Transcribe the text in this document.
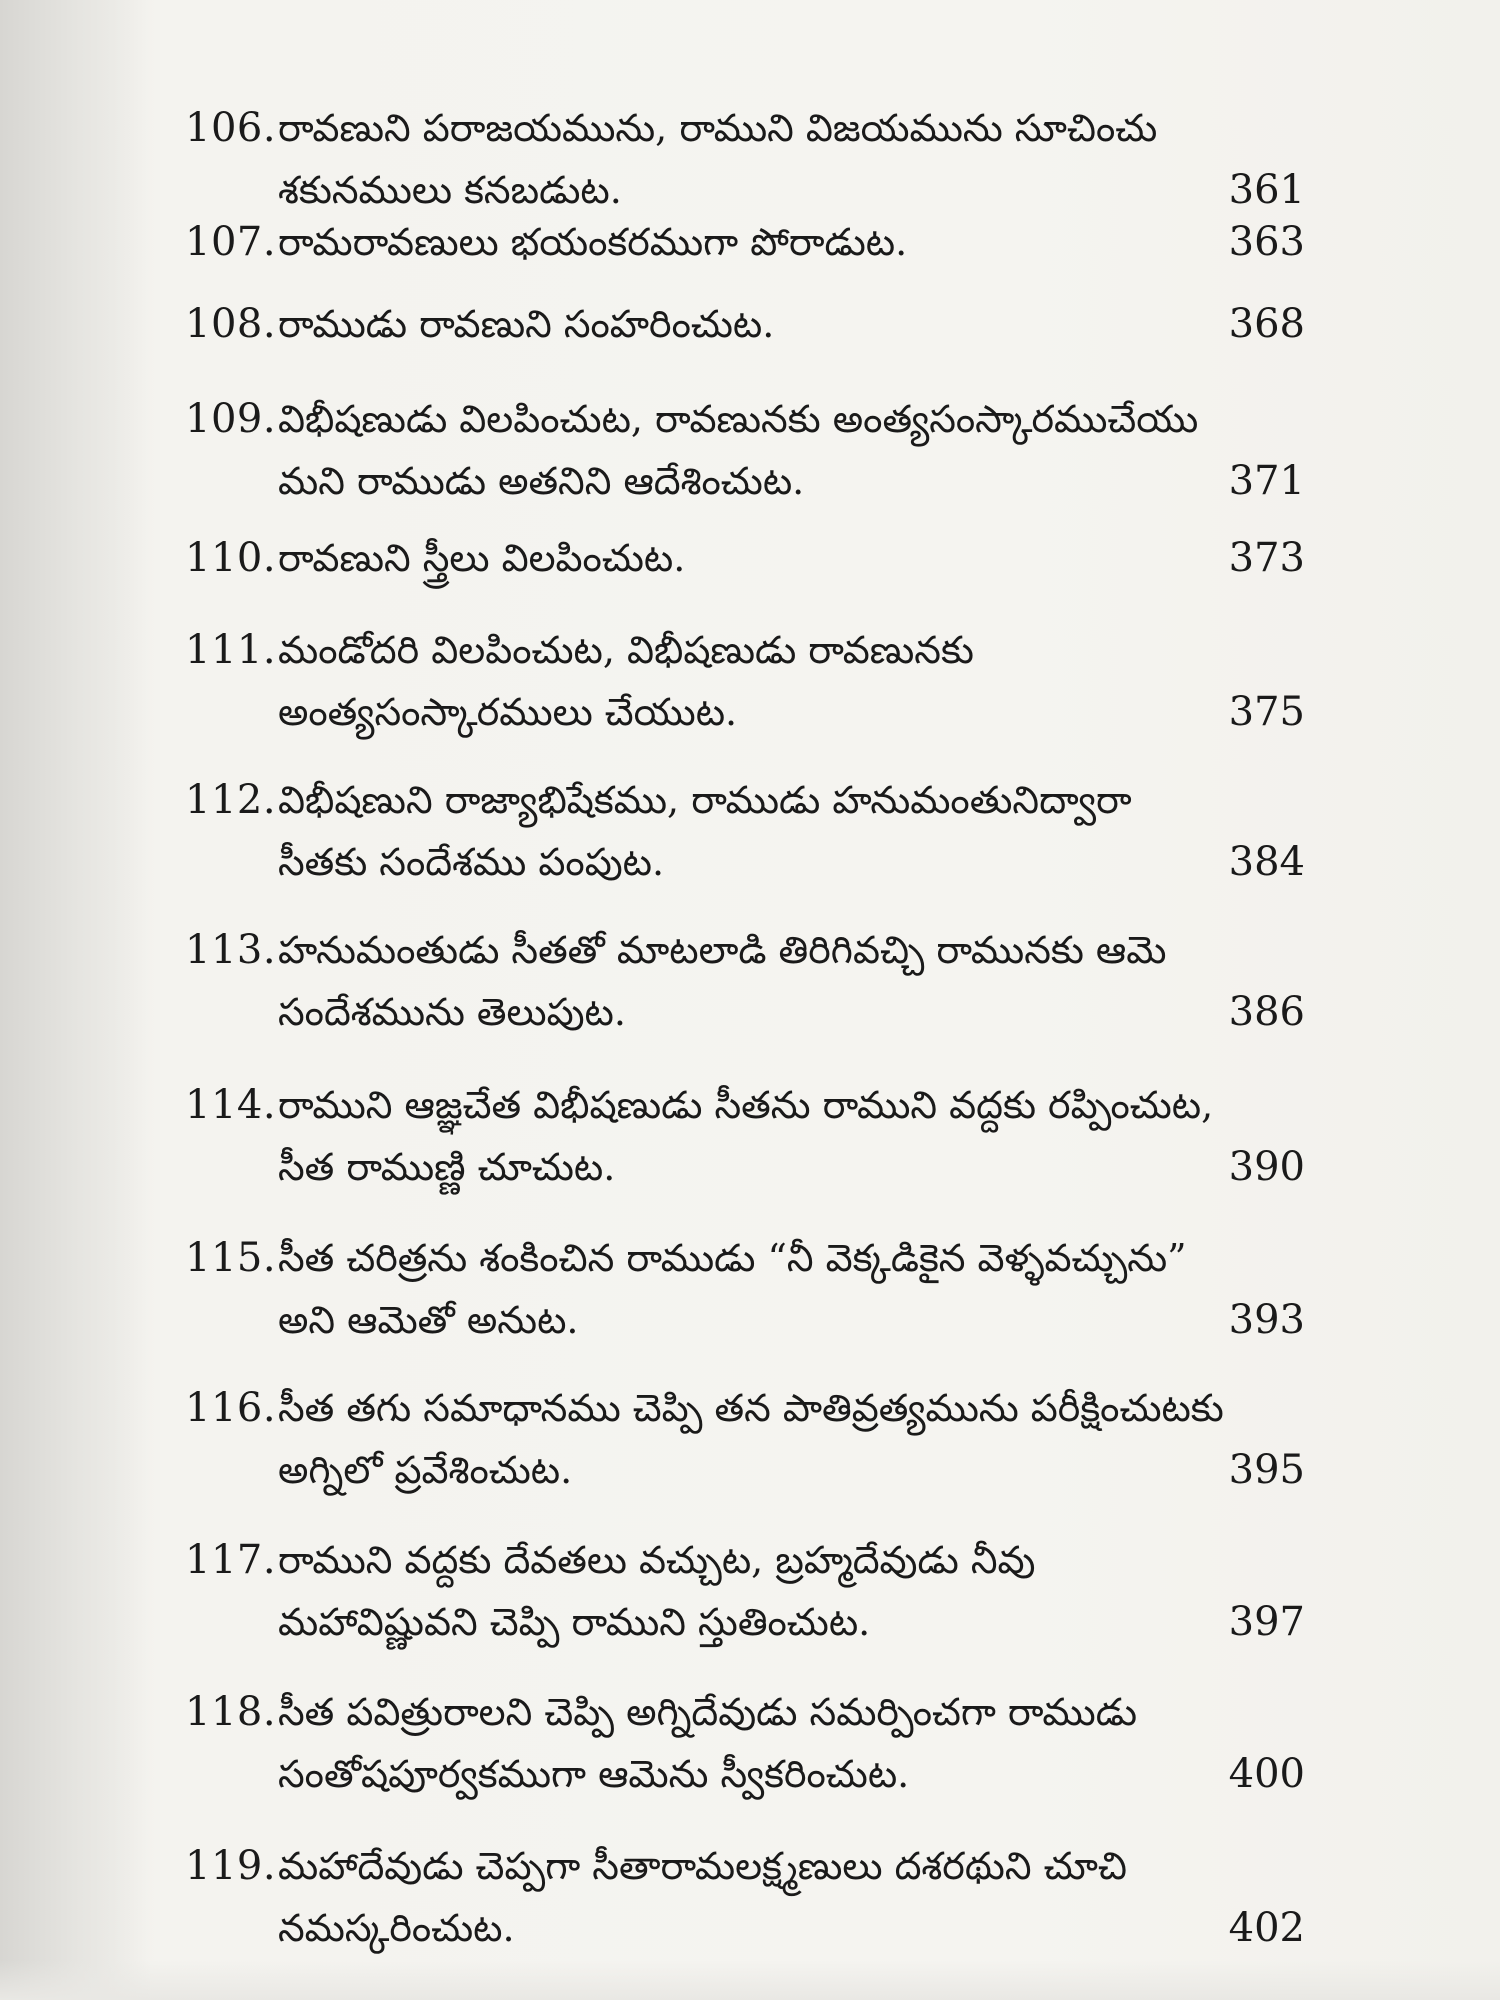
106. రావణుని పరాజయమును, రాముని విజయమును సూచించు
శకునములు కనబడుట.	361
107. రామరావణులు భయంకరముగా పోరాడుట.	363
108. రాముడు రావణుని సంహరించుట.	368
109. విభీషణుడు విలపించుట, రావణునకు అంత్యసంస్కారముచేయు
మని రాముడు అతనిని ఆదేశించుట.	371
110. రావణుని స్త్రీలు విలపించుట.	373
111. మండోదరి విలపించుట, విభీషణుడు రావణునకు
అంత్యసంస్కారములు చేయుట.	375
112. విభీషణుని రాజ్యాభిషేకము, రాముడు హనుమంతునిద్వారా
సీతకు సందేశము పంపుట.	384
113. హనుమంతుడు సీతతో మాటలాడి తిరిగివచ్చి రామునకు ఆమె
సందేశమును తెలుపుట.	386
114. రాముని ఆజ్ఞచేత విభీషణుడు సీతను రాముని వద్దకు రప్పించుట,
సీత రాముణ్ణి చూచుట.	390
115. సీత చరిత్రను శంకించిన రాముడు “నీ వెక్కడికైన వెళ్ళవచ్చును”
అని ఆమెతో అనుట.	393
116. సీత తగు సమాధానము చెప్పి తన పాతివ్రత్యమును పరీక్షించుటకు
అగ్నిలో ప్రవేశించుట.	395
117. రాముని వద్దకు దేవతలు వచ్చుట, బ్రహ్మదేవుడు నీవు
మహావిష్ణువని చెప్పి రాముని స్తుతించుట.	397
118. సీత పవిత్రురాలని చెప్పి అగ్నిదేవుడు సమర్పించగా రాముడు
సంతోషపూర్వకముగా ఆమెను స్వీకరించుట.	400
119. మహాదేవుడు చెప్పగా సీతారామలక్ష్మణులు దశరథుని చూచి
నమస్కరించుట.	402
